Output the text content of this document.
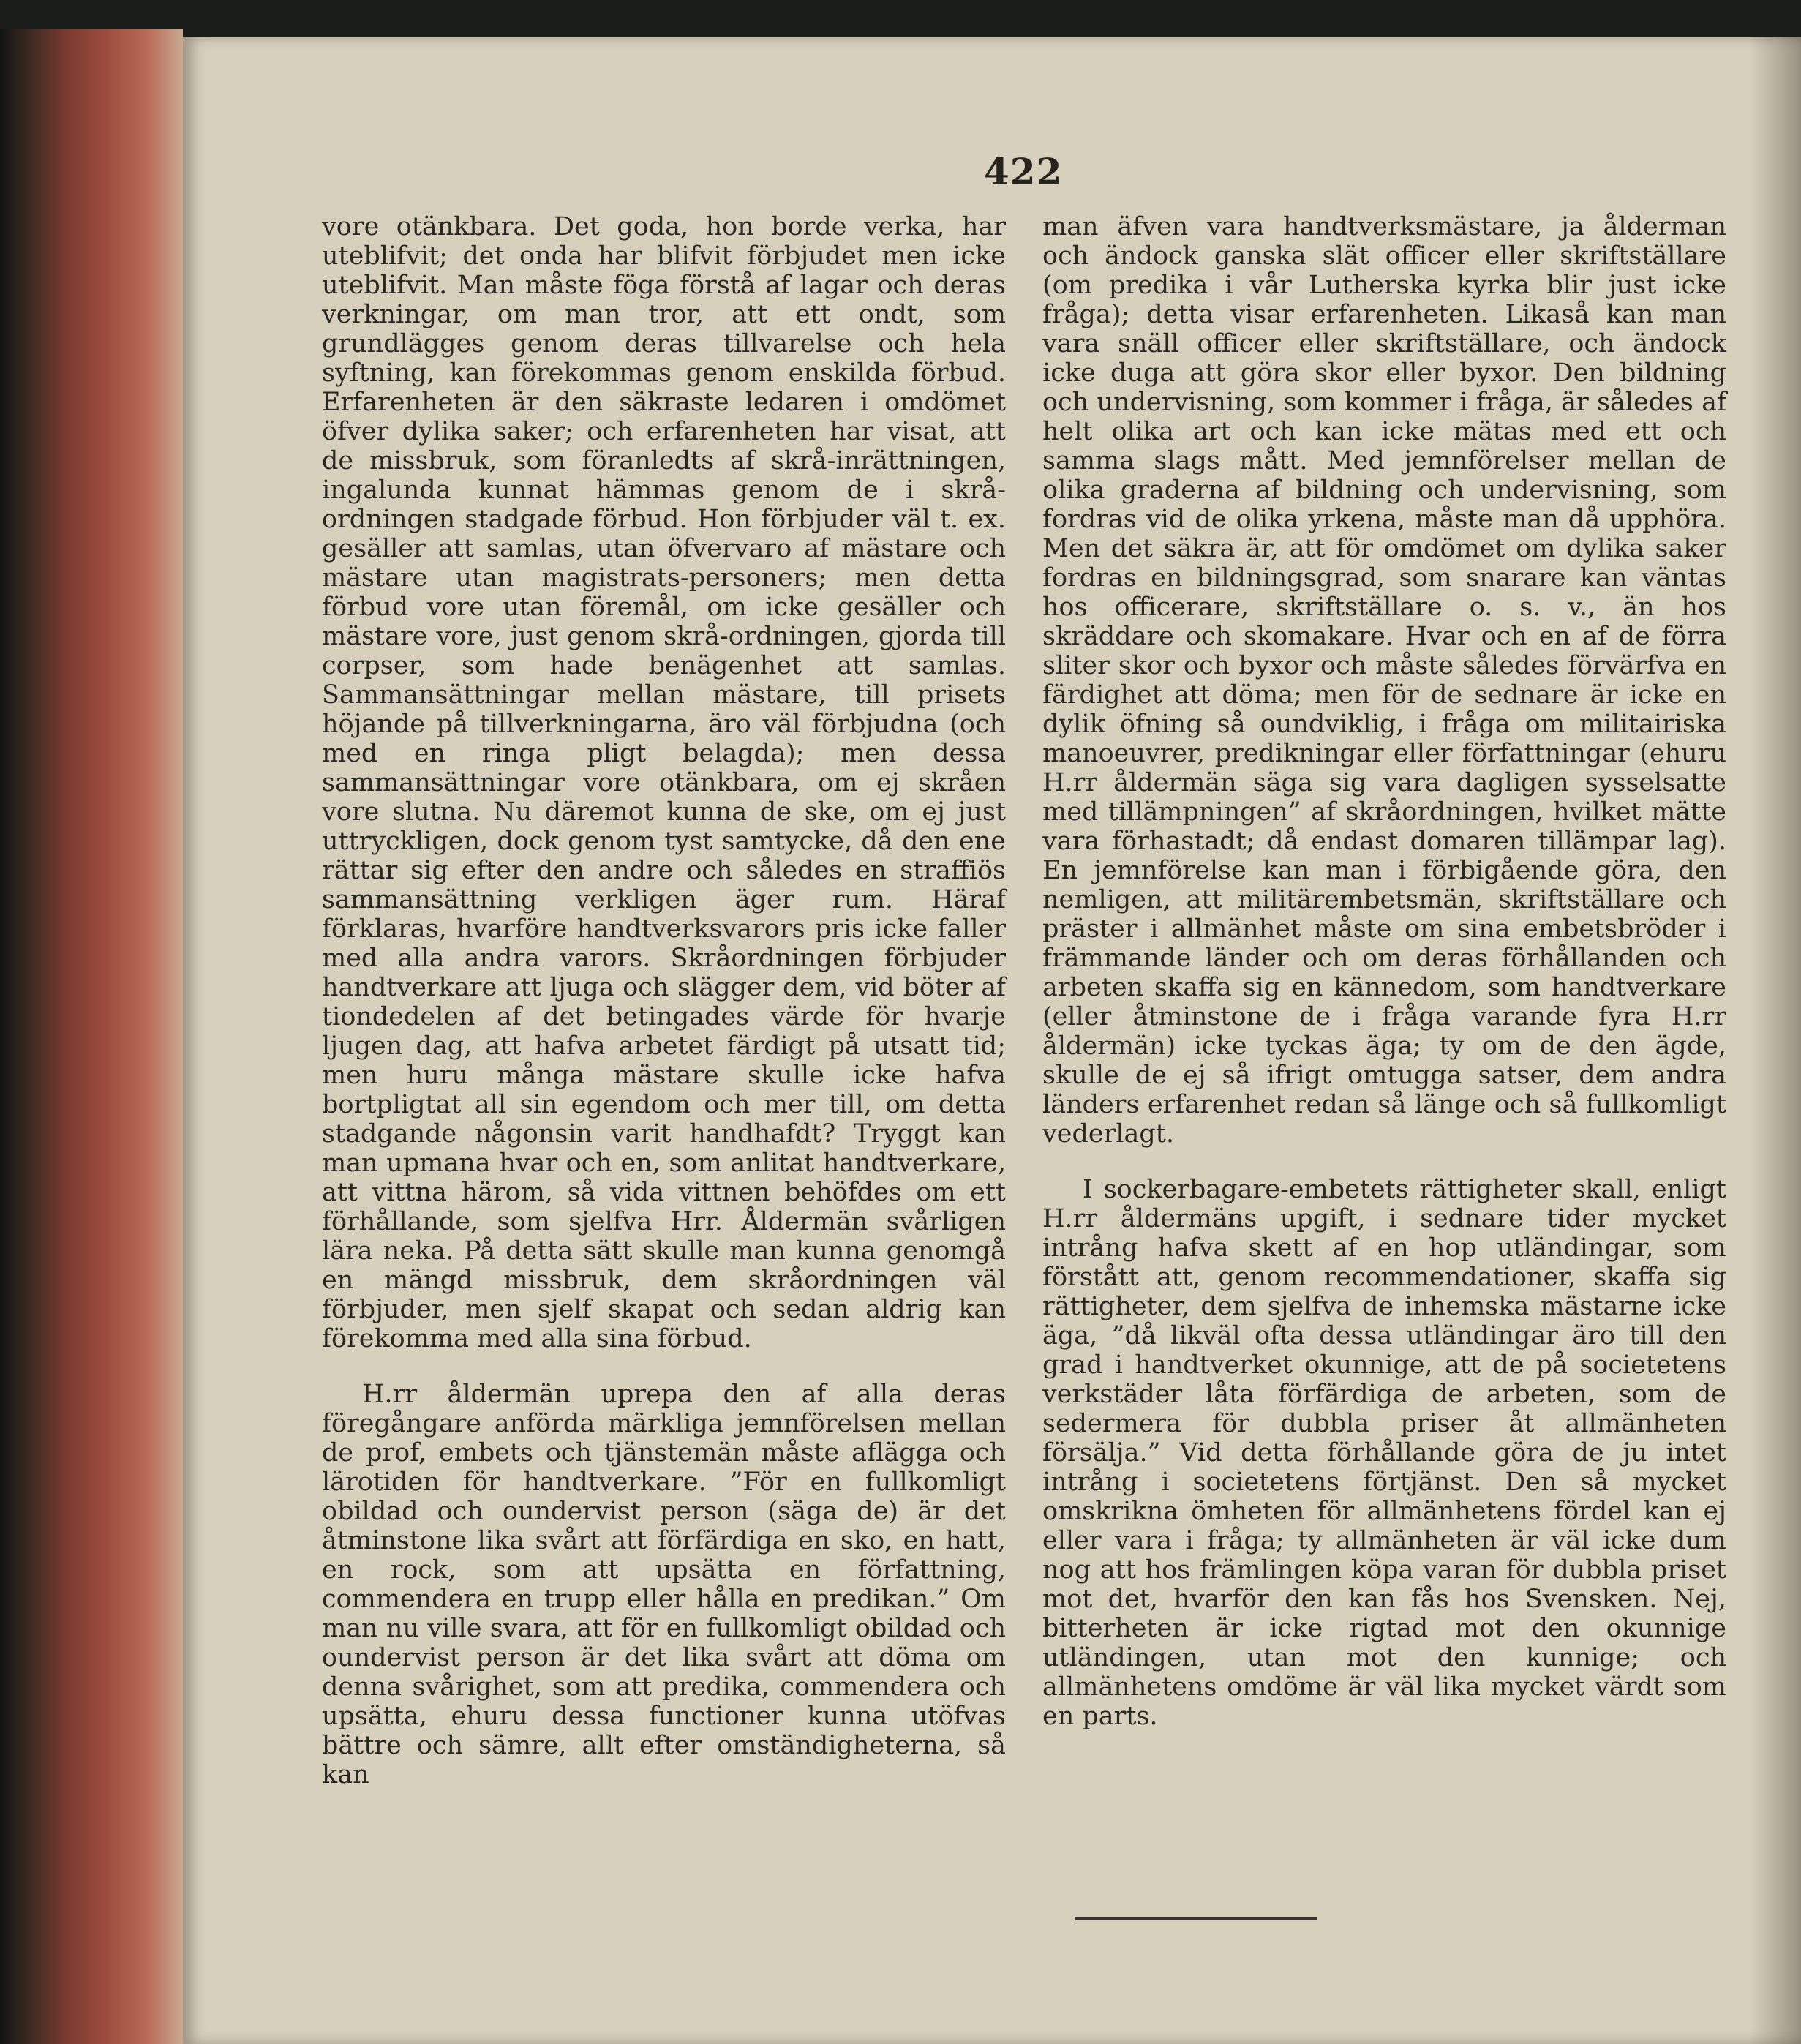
422

vore otänkbara. Det goda, hon borde verka, har uteblifvit; det onda har blifvit förbjudet men icke uteblifvit. Man måste föga förstå af lagar och deras verkningar, om man tror, att ett ondt, som grundlägges genom deras tillvarelse och hela syftning, kan förekommas genom enskilda förbud. Erfarenheten är den säkraste ledaren i omdömet öfver dylika saker; och erfarenheten har visat, att de missbruk, som föranledts af skrå-inrättningen, ingalunda kunnat hämmas genom de i skrå-ordningen stadgade förbud. Hon förbjuder väl t. ex. gesäller att samlas, utan öfvervaro af mästare och mästare utan magistrats-personers; men detta förbud vore utan föremål, om icke gesäller och mästare vore, just genom skrå-ordningen, gjorda till corpser, som hade benägenhet att samlas. Sammansättningar mellan mästare, till prisets höjande på tillverkningarna, äro väl förbjudna (och med en ringa pligt belagda); men dessa sammansättningar vore otänkbara, om ej skråen vore slutna. Nu däremot kunna de ske, om ej just uttryckligen, dock genom tyst samtycke, då den ene rättar sig efter den andre och således en straffiös sammansättning verkligen äger rum. Häraf förklaras, hvarföre handtverksvarors pris icke faller med alla andra varors. Skråordningen förbjuder handtverkare att ljuga och slägger dem, vid böter af tiondedelen af det betingades värde för hvarje ljugen dag, att hafva arbetet färdigt på utsatt tid; men huru många mästare skulle icke hafva bortpligtat all sin egendom och mer till, om detta stadgande någonsin varit handhafdt? Tryggt kan man upmana hvar och en, som anlitat handtverkare, att vittna härom, så vida vittnen behöfdes om ett förhållande, som sjelfva Hrr. Åldermän svårligen lära neka. På detta sätt skulle man kunna genomgå en mängd missbruk, dem skråordningen väl förbjuder, men sjelf skapat och sedan aldrig kan förekomma med alla sina förbud.

H.rr åldermän uprepa den af alla deras föregångare anförda märkliga jemnförelsen mellan de prof, embets och tjänstemän måste aflägga och lärotiden för handtverkare. ”För en fullkomligt obildad och oundervist person (säga de) är det åtminstone lika svårt att förfärdiga en sko, en hatt, en rock, som att upsätta en författning, commendera en trupp eller hålla en predikan.” Om man nu ville svara, att för en fullkomligt obildad och oundervist person är det lika svårt att döma om denna svårighet, som att predika, commendera och upsätta, ehuru dessa functioner kunna utöfvas bättre och sämre, allt efter omständigheterna, så kan

man äfven vara handtverksmästare, ja ålderman och ändock ganska slät officer eller skriftställare (om predika i vår Lutherska kyrka blir just icke fråga); detta visar erfarenheten. Likaså kan man vara snäll officer eller skriftställare, och ändock icke duga att göra skor eller byxor. Den bildning och undervisning, som kommer i fråga, är således af helt olika art och kan icke mätas med ett och samma slags mått. Med jemnförelser mellan de olika graderna af bildning och undervisning, som fordras vid de olika yrkena, måste man då upphöra. Men det säkra är, att för omdömet om dylika saker fordras en bildningsgrad, som snarare kan väntas hos officerare, skriftställare o. s. v., än hos skräddare och skomakare. Hvar och en af de förra sliter skor och byxor och måste således förvärfva en färdighet att döma; men för de sednare är icke en dylik öfning så oundviklig, i fråga om militairiska manoeuvrer, predikningar eller författningar (ehuru H.rr åldermän säga sig vara dagligen sysselsatte med tillämpningen” af skråordningen, hvilket mätte vara förhastadt; då endast domaren tillämpar lag). En jemnförelse kan man i förbigående göra, den nemligen, att militärembetsmän, skriftställare och präster i allmänhet måste om sina embetsbröder i främmande länder och om deras förhållanden och arbeten skaffa sig en kännedom, som handtverkare (eller åtminstone de i fråga varande fyra H.rr åldermän) icke tyckas äga; ty om de den ägde, skulle de ej så ifrigt omtugga satser, dem andra länders erfarenhet redan så länge och så fullkomligt vederlagt.

I sockerbagare-embetets rättigheter skall, enligt H.rr åldermäns upgift, i sednare tider mycket intrång hafva skett af en hop utländingar, som förstått att, genom recommendationer, skaffa sig rättigheter, dem sjelfva de inhemska mästarne icke äga, ”då likväl ofta dessa utländingar äro till den grad i handtverket okunnige, att de på societetens verkstäder låta förfärdiga de arbeten, som de sedermera för dubbla priser åt allmänheten försälja.” Vid detta förhållande göra de ju intet intrång i societetens förtjänst. Den så mycket omskrikna ömheten för allmänhetens fördel kan ej eller vara i fråga; ty allmänheten är väl icke dum nog att hos främlingen köpa varan för dubbla priset mot det, hvarför den kan fås hos Svensken. Nej, bitterheten är icke rigtad mot den okunnige utländingen, utan mot den kunnige; och allmänhetens omdöme är väl lika mycket värdt som en parts.
